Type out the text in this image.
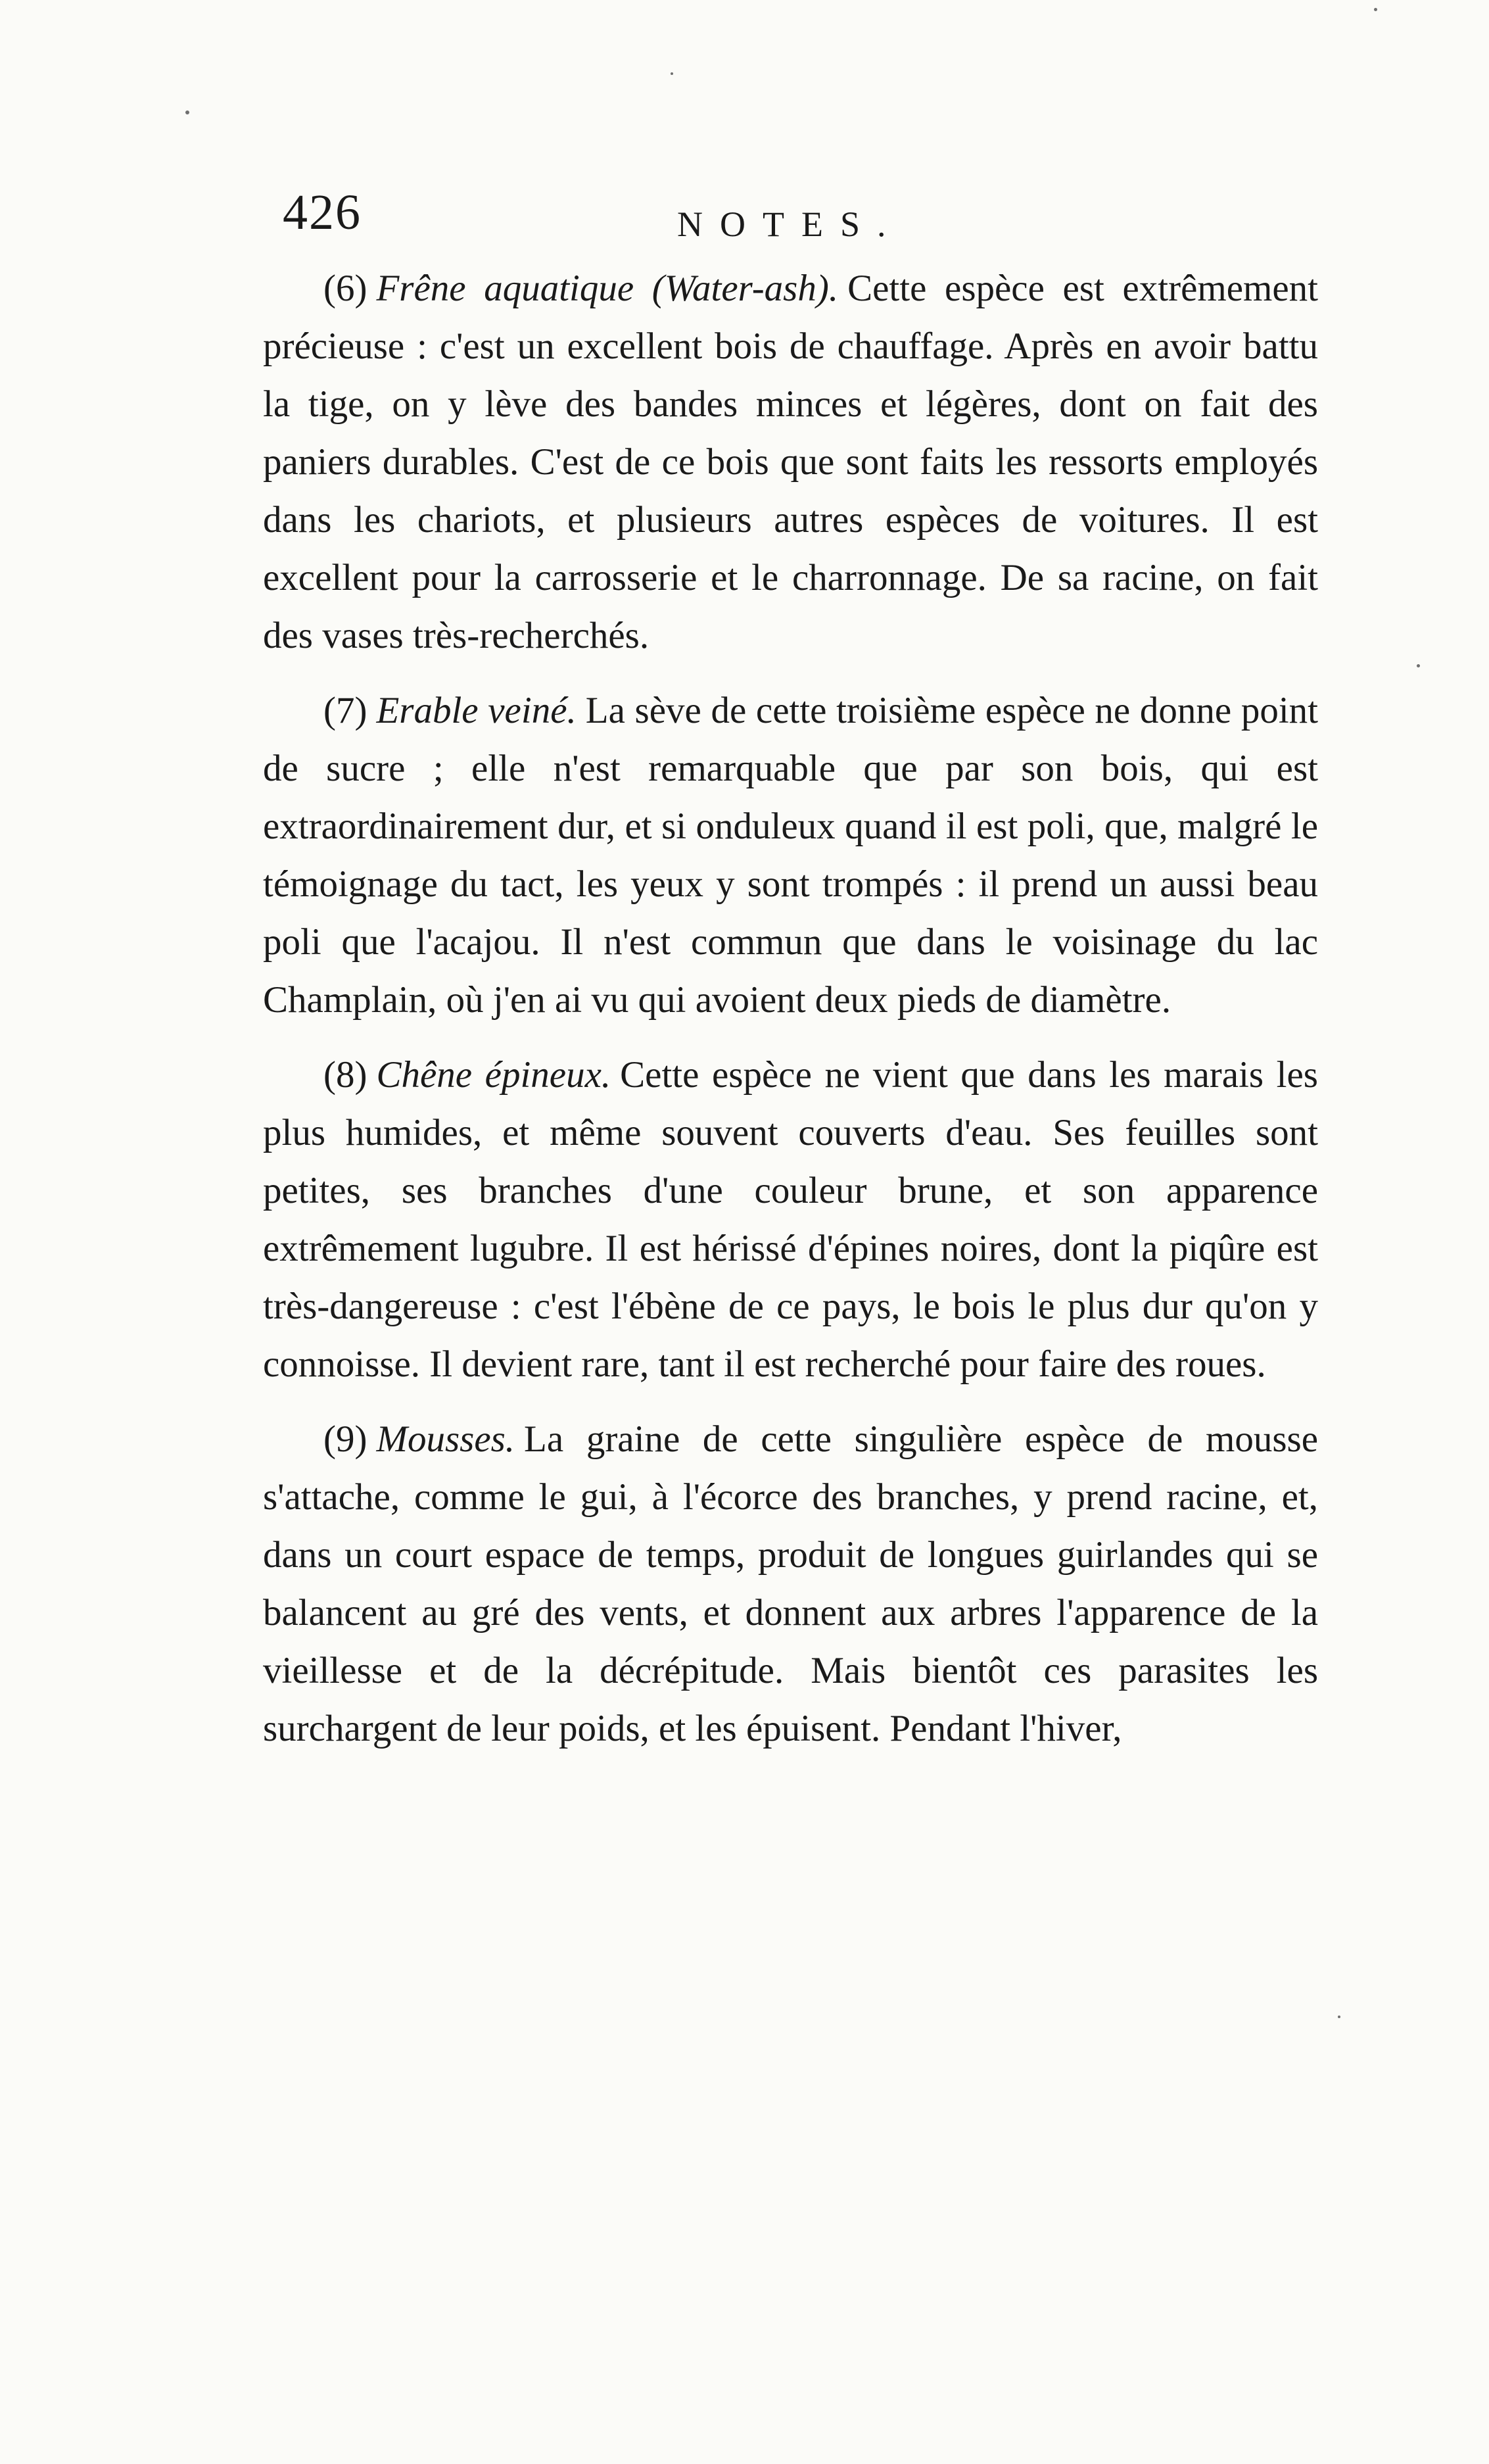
426	NOTES.

(6) Frêne aquatique (Water-ash). Cette espèce est extrêmement précieuse : c'est un excellent bois de chauffage. Après en avoir battu la tige, on y lève des bandes minces et légères, dont on fait des paniers durables. C'est de ce bois que sont faits les ressorts employés dans les chariots, et plusieurs autres espèces de voitures. Il est excellent pour la carrosserie et le charronnage. De sa racine, on fait des vases très-recherchés.

(7) Erable veiné. La sève de cette troisième espèce ne donne point de sucre ; elle n'est remarquable que par son bois, qui est extraordinairement dur, et si onduleux quand il est poli, que, malgré le témoignage du tact, les yeux y sont trompés : il prend un aussi beau poli que l'acajou. Il n'est commun que dans le voisinage du lac Champlain, où j'en ai vu qui avoient deux pieds de diamètre.

(8) Chêne épineux. Cette espèce ne vient que dans les marais les plus humides, et même souvent couverts d'eau. Ses feuilles sont petites, ses branches d'une couleur brune, et son apparence extrêmement lugubre. Il est hérissé d'épines noires, dont la piqûre est très-dangereuse : c'est l'ébène de ce pays, le bois le plus dur qu'on y connoisse. Il devient rare, tant il est recherché pour faire des roues.

(9) Mousses. La graine de cette singulière espèce de mousse s'attache, comme le gui, à l'écorce des branches, y prend racine, et, dans un court espace de temps, produit de longues guirlandes qui se balancent au gré des vents, et donnent aux arbres l'apparence de la vieillesse et de la décrépitude. Mais bientôt ces parasites les surchargent de leur poids, et les épuisent. Pendant l'hiver,
